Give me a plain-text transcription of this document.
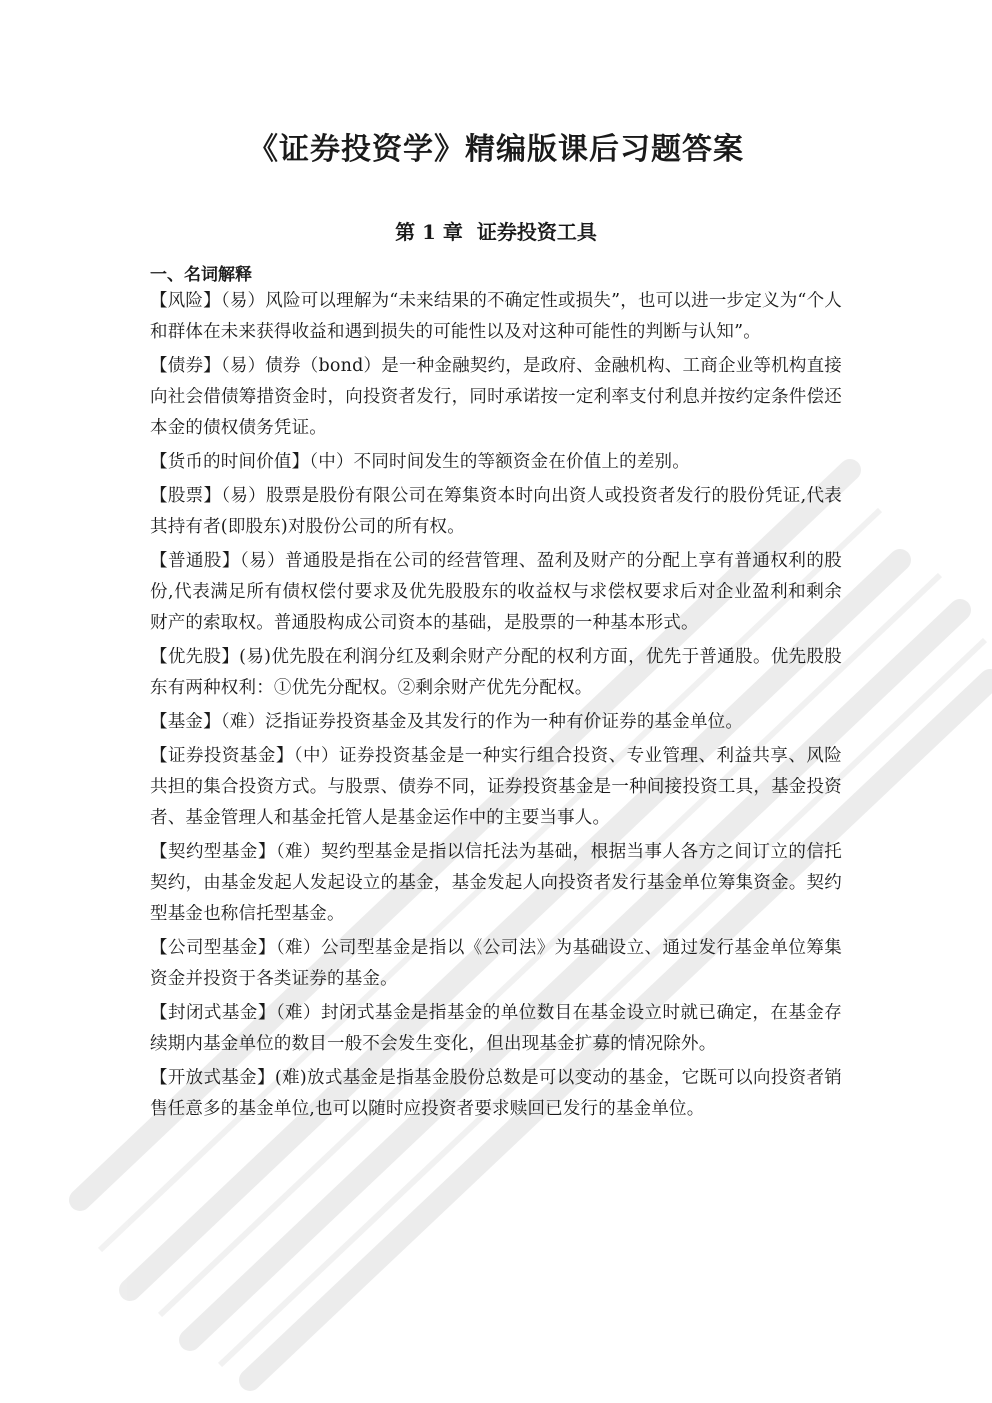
《证券投资学》精编版课后习题答案
第 1 章 证券投资工具
一、名词解释

【风险】（易）风险可以理解为“未来结果的不确定性或损失”，也可以进一步定义为“个人和群体在未来获得收益和遇到损失的可能性以及对这种可能性的判断与认知”。

【债券】（易）债券（bond）是一种金融契约，是政府、金融机构、工商企业等机构直接向社会借债筹措资金时，向投资者发行，同时承诺按一定利率支付利息并按约定条件偿还本金的债权债务凭证。

【货币的时间价值】（中）不同时间发生的等额资金在价值上的差别。

【股票】（易）股票是股份有限公司在筹集资本时向出资人或投资者发行的股份凭证,代表其持有者(即股东)对股份公司的所有权。

【普通股】（易）普通股是指在公司的经营管理、盈利及财产的分配上享有普通权利的股份,代表满足所有债权偿付要求及优先股股东的收益权与求偿权要求后对企业盈利和剩余财产的索取权。普通股构成公司资本的基础，是股票的一种基本形式。

【优先股】(易)优先股在利润分红及剩余财产分配的权利方面，优先于普通股。优先股股东有两种权利：①优先分配权。②剩余财产优先分配权。

【基金】（难）泛指证券投资基金及其发行的作为一种有价证券的基金单位。

【证券投资基金】（中）证券投资基金是一种实行组合投资、专业管理、利益共享、风险共担的集合投资方式。与股票、债券不同，证券投资基金是一种间接投资工具，基金投资者、基金管理人和基金托管人是基金运作中的主要当事人。

【契约型基金】（难）契约型基金是指以信托法为基础，根据当事人各方之间订立的信托契约，由基金发起人发起设立的基金，基金发起人向投资者发行基金单位筹集资金。契约型基金也称信托型基金。

【公司型基金】（难）公司型基金是指以《公司法》为基础设立、通过发行基金单位筹集资金并投资于各类证券的基金。

【封闭式基金】（难）封闭式基金是指基金的单位数目在基金设立时就已确定，在基金存续期内基金单位的数目一般不会发生变化，但出现基金扩募的情况除外。

【开放式基金】(难)放式基金是指基金股份总数是可以变动的基金，它既可以向投资者销售任意多的基金单位,也可以随时应投资者要求赎回已发行的基金单位。
